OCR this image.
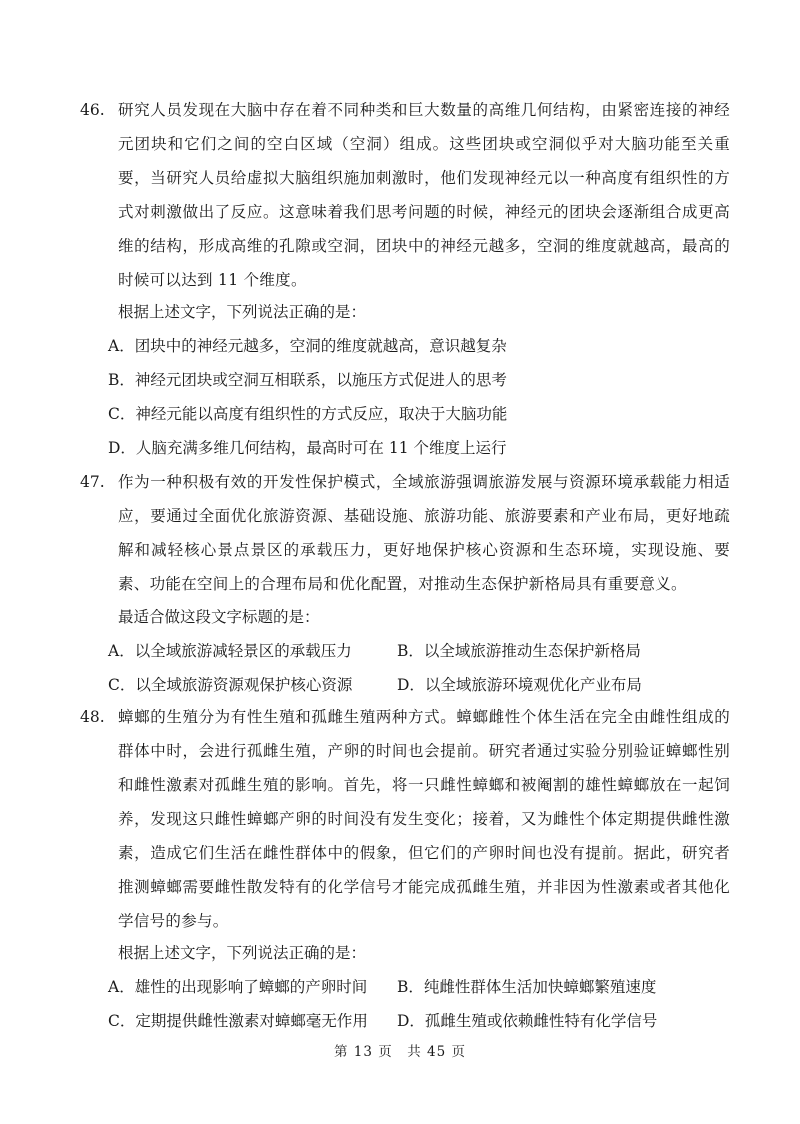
46. 研究人员发现在大脑中存在着不同种类和巨大数量的高维几何结构，由紧密连接的神经元团块和它们之间的空白区域（空洞）组成。这些团块或空洞似乎对大脑功能至关重要，当研究人员给虚拟大脑组织施加刺激时，他们发现神经元以一种高度有组织性的方式对刺激做出了反应。这意味着我们思考问题的时候，神经元的团块会逐渐组合成更高维的结构，形成高维的孔隙或空洞，团块中的神经元越多，空洞的维度就越高，最高的时候可以达到 11 个维度。

根据上述文字，下列说法正确的是：
A．团块中的神经元越多，空洞的维度就越高，意识越复杂
B．神经元团块或空洞互相联系，以施压方式促进人的思考
C．神经元能以高度有组织性的方式反应，取决于大脑功能
D．人脑充满多维几何结构，最高时可在 11 个维度上运行
47. 作为一种积极有效的开发性保护模式，全域旅游强调旅游发展与资源环境承载能力相适应，要通过全面优化旅游资源、基础设施、旅游功能、旅游要素和产业布局，更好地疏解和减轻核心景点景区的承载压力，更好地保护核心资源和生态环境，实现设施、要素、功能在空间上的合理布局和优化配置，对推动生态保护新格局具有重要意义。

最适合做这段文字标题的是：
A．以全域旅游减轻景区的承载压力	B．以全域旅游推动生态保护新格局
C．以全域旅游资源观保护核心资源	D．以全域旅游环境观优化产业布局
48. 蟑螂的生殖分为有性生殖和孤雌生殖两种方式。蟑螂雌性个体生活在完全由雌性组成的群体中时，会进行孤雌生殖，产卵的时间也会提前。研究者通过实验分别验证蟑螂性别和雌性激素对孤雌生殖的影响。首先，将一只雌性蟑螂和被阉割的雄性蟑螂放在一起饲养，发现这只雌性蟑螂产卵的时间没有发生变化；接着，又为雌性个体定期提供雌性激素，造成它们生活在雌性群体中的假象，但它们的产卵时间也没有提前。据此，研究者推测蟑螂需要雌性散发特有的化学信号才能完成孤雌生殖，并非因为性激素或者其他化学信号的参与。

根据上述文字，下列说法正确的是：
A．雄性的出现影响了蟑螂的产卵时间 B．纯雌性群体生活加快蟑螂繁殖速度
C．定期提供雌性激素对蟑螂毫无作用 D．孤雌生殖或依赖雌性特有化学信号
第 13 页　共 45 页
